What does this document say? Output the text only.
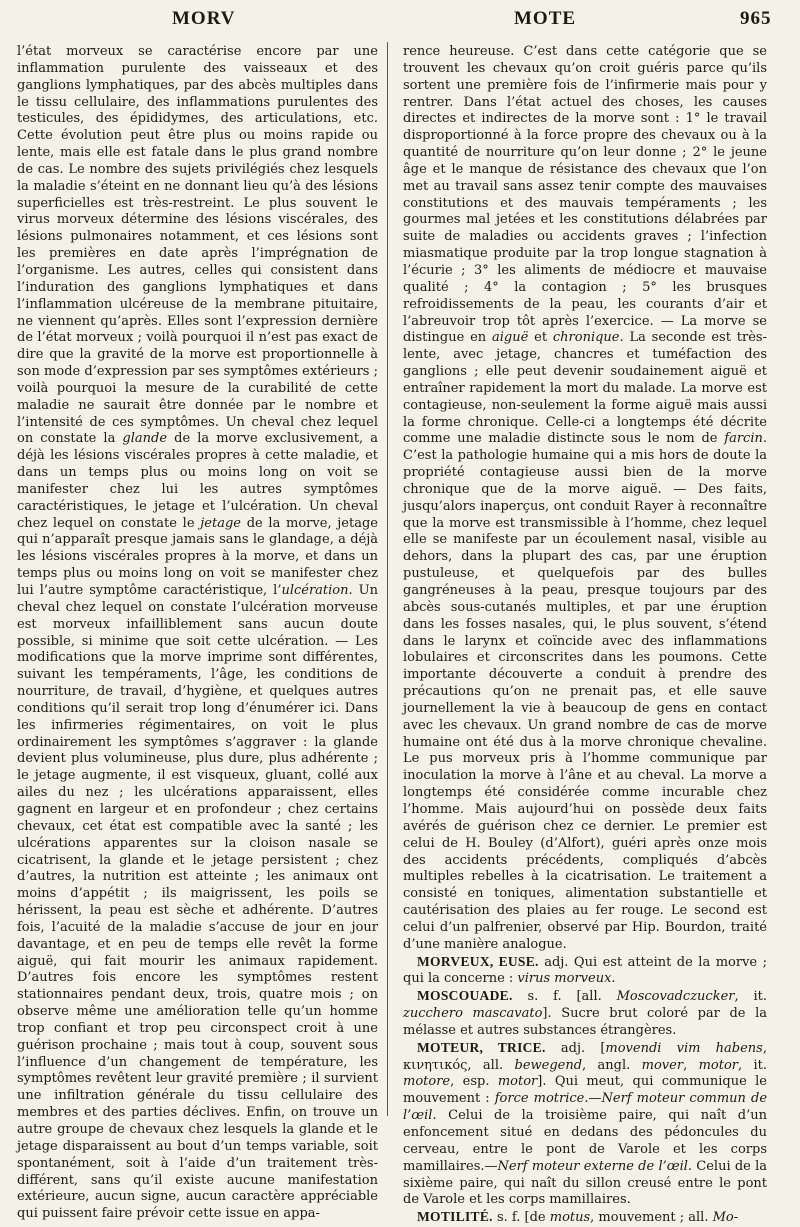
MORV	MOTE	965

l’état morveux se caractérise encore par une inflammation purulente des vaisseaux et des ganglions lymphatiques, par des abcès multiples dans le tissu cellulaire, des inflammations purulentes des testicules, des épididymes, des articulations, etc. Cette évolution peut être plus ou moins rapide ou lente, mais elle est fatale dans le plus grand nombre de cas. Le nombre des sujets privilégiés chez lesquels la maladie s’éteint en ne donnant lieu qu’à des lésions superficielles est très-restreint. Le plus souvent le virus morveux détermine des lésions viscérales, des lésions pulmonaires notamment, et ces lésions sont les premières en date après l’imprégnation de l’organisme. Les autres, celles qui consistent dans l’induration des ganglions lymphatiques et dans l’inflammation ulcéreuse de la membrane pituitaire, ne viennent qu’après. Elles sont l’expression dernière de l’état morveux ; voilà pourquoi il n’est pas exact de dire que la gravité de la morve est proportionnelle à son mode d’expression par ses symptômes extérieurs ; voilà pourquoi la mesure de la curabilité de cette maladie ne saurait être donnée par le nombre et l’intensité de ces symptômes. Un cheval chez lequel on constate la glande de la morve exclusivement, a déjà les lésions viscérales propres à cette maladie, et dans un temps plus ou moins long on voit se manifester chez lui les autres symptômes caractéristiques, le jetage et l’ulcération. Un cheval chez lequel on constate le jetage de la morve, jetage qui n’apparaît presque jamais sans le glandage, a déjà les lésions viscérales propres à la morve, et dans un temps plus ou moins long on voit se manifester chez lui l’autre symptôme caractéristique, l’ulcération. Un cheval chez lequel on constate l’ulcération morveuse est morveux infailliblement sans aucun doute possible, si minime que soit cette ulcération. — Les modifications que la morve imprime sont différentes, suivant les tempéraments, l’âge, les conditions de nourriture, de travail, d’hygiène, et quelques autres conditions qu’il serait trop long d’énumérer ici. Dans les infirmeries régimentaires, on voit le plus ordinairement les symptômes s’aggraver : la glande devient plus volumineuse, plus dure, plus adhérente ; le jetage augmente, il est visqueux, gluant, collé aux ailes du nez ; les ulcérations apparaissent, elles gagnent en largeur et en profondeur ; chez certains chevaux, cet état est compatible avec la santé ; les ulcérations apparentes sur la cloison nasale se cicatrisent, la glande et le jetage persistent ; chez d’autres, la nutrition est atteinte ; les animaux ont moins d’appétit ; ils maigrissent, les poils se hérissent, la peau est sèche et adhérente. D’autres fois, l’acuité de la maladie s’accuse de jour en jour davantage, et en peu de temps elle revêt la forme aiguë, qui fait mourir les animaux rapidement. D’autres fois encore les symptômes restent stationnaires pendant deux, trois, quatre mois ; on observe même une amélioration telle qu’un homme trop confiant et trop peu circonspect croit à une guérison prochaine ; mais tout à coup, souvent sous l’influence d’un changement de température, les symptômes revêtent leur gravité première ; il survient une infiltration générale du tissu cellulaire des membres et des parties déclives. Enfin, on trouve un autre groupe de chevaux chez lesquels la glande et le jetage disparaissent au bout d’un temps variable, soit spontanément, soit à l’aide d’un traitement très-différent, sans qu’il existe aucune manifestation extérieure, aucun signe, aucun caractère appréciable qui puissent faire prévoir cette issue en appa-

rence heureuse. C’est dans cette catégorie que se trouvent les chevaux qu’on croit guéris parce qu’ils sortent une première fois de l’infirmerie mais pour y rentrer. Dans l’état actuel des choses, les causes directes et indirectes de la morve sont : 1° le travail disproportionné à la force propre des chevaux ou à la quantité de nourriture qu’on leur donne ; 2° le jeune âge et le manque de résistance des chevaux que l’on met au travail sans assez tenir compte des mauvaises constitutions et des mauvais tempéraments ; les gourmes mal jetées et les constitutions délabrées par suite de maladies ou accidents graves ; l’infection miasmatique produite par la trop longue stagnation à l’écurie ; 3° les aliments de médiocre et mauvaise qualité ; 4° la contagion ; 5° les brusques refroidissements de la peau, les courants d’air et l’abreuvoir trop tôt après l’exercice. — La morve se distingue en aiguë et chronique. La seconde est très-lente, avec jetage, chancres et tuméfaction des ganglions ; elle peut devenir soudainement aiguë et entraîner rapidement la mort du malade. La morve est contagieuse, non-seulement la forme aiguë mais aussi la forme chronique. Celle-ci a longtemps été décrite comme une maladie distincte sous le nom de farcin. C’est la pathologie humaine qui a mis hors de doute la propriété contagieuse aussi bien de la morve chronique que de la morve aiguë. — Des faits, jusqu’alors inaperçus, ont conduit Rayer à reconnaître que la morve est transmissible à l’homme, chez lequel elle se manifeste par un écoulement nasal, visible au dehors, dans la plupart des cas, par une éruption pustuleuse, et quelquefois par des bulles gangréneuses à la peau, presque toujours par des abcès sous-cutanés multiples, et par une éruption dans les fosses nasales, qui, le plus souvent, s’étend dans le larynx et coïncide avec des inflammations lobulaires et circonscrites dans les poumons. Cette importante découverte a conduit à prendre des précautions qu’on ne prenait pas, et elle sauve journellement la vie à beaucoup de gens en contact avec les chevaux. Un grand nombre de cas de morve humaine ont été dus à la morve chronique chevaline. Le pus morveux pris à l’homme communique par inoculation la morve à l’âne et au cheval. La morve a longtemps été considérée comme incurable chez l’homme. Mais aujourd’hui on possède deux faits avérés de guérison chez ce dernier. Le premier est celui de H. Bouley (d’Alfort), guéri après onze mois des accidents précédents, compliqués d’abcès multiples rebelles à la cicatrisation. Le traitement a consisté en toniques, alimentation substantielle et cautérisation des plaies au fer rouge. Le second est celui d’un palfrenier, observé par Hip. Bourdon, traité d’une manière analogue.

MORVEUX, EUSE. adj. Qui est atteint de la morve ; qui la concerne : virus morveux.

MOSCOUADE. s. f. [all. Moscovadczucker, it. zucchero mascavato]. Sucre brut coloré par de la mélasse et autres substances étrangères.

MOTEUR, TRICE. adj. [movendi vim habens, κινητικός, all. bewegend, angl. mover, motor, it. motore, esp. motor]. Qui meut, qui communique le mouvement : force motrice.—Nerf moteur commun de l’œil. Celui de la troisième paire, qui naît d’un enfoncement situé en dedans des pédoncules du cerveau, entre le pont de Varole et les corps mamillaires.—Nerf moteur externe de l’œil. Celui de la sixième paire, qui naît du sillon creusé entre le pont de Varole et les corps mamillaires.

MOTILITÉ. s. f. [de motus, mouvement ; all. Mo-
